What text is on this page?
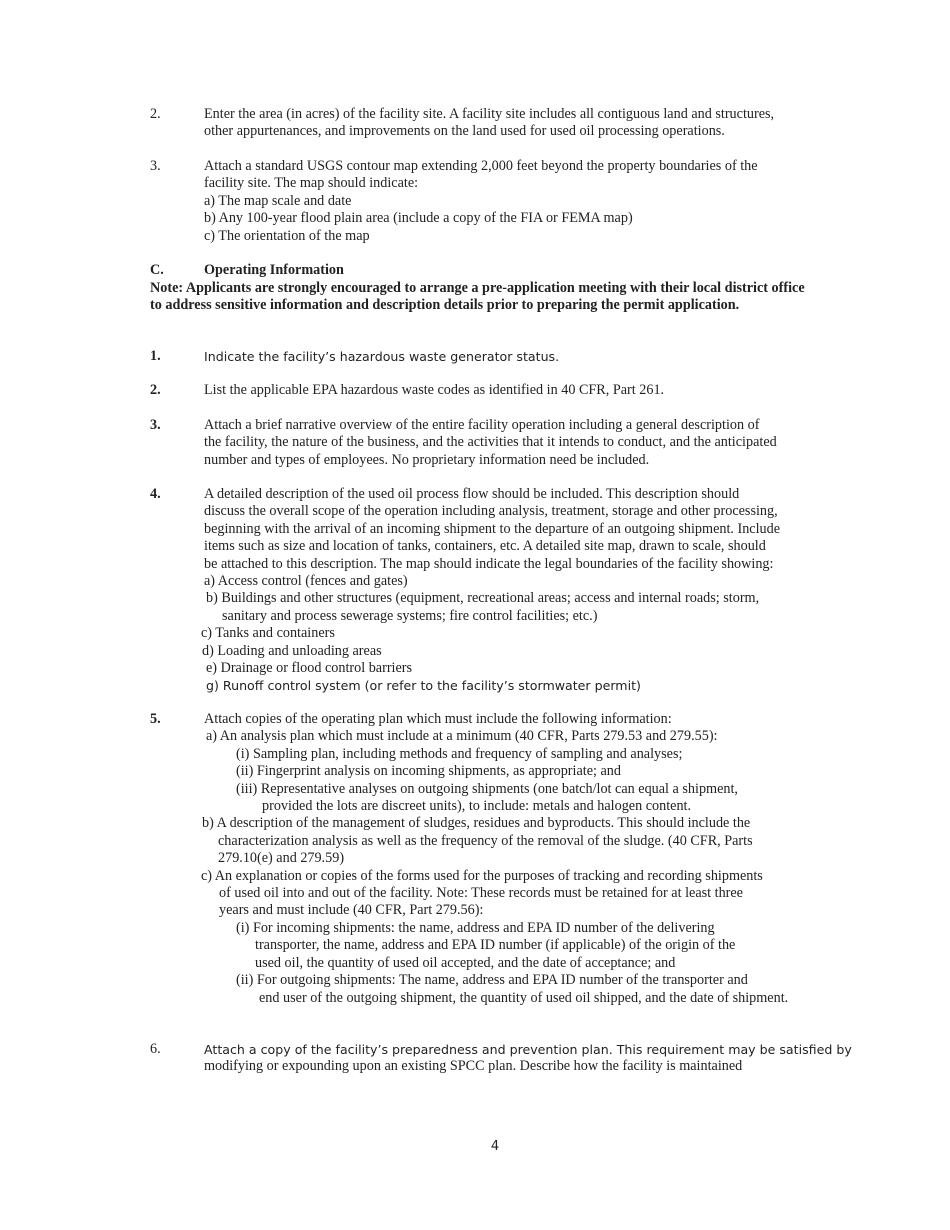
2.	Enter the area (in acres) of the facility site. A facility site includes all contiguous land and structures,
other appurtenances, and improvements on the land used for used oil processing operations.
3.	Attach a standard USGS contour map extending 2,000 feet beyond the property boundaries of the
facility site. The map should indicate:
a) The map scale and date
b) Any 100-year flood plain area (include a copy of the FIA or FEMA map)
c) The orientation of the map
C.	Operating Information
Note: Applicants are strongly encouraged to arrange a pre-application meeting with their local district office to address sensitive information and description details prior to preparing the permit application.
1.	Indicate the facility’s hazardous waste generator status.
2.	List the applicable EPA hazardous waste codes as identified in 40 CFR, Part 261.
3.	Attach a brief narrative overview of the entire facility operation including a general description of
the facility, the nature of the business, and the activities that it intends to conduct, and the anticipated
number and types of employees. No proprietary information need be included.
4.	A detailed description of the used oil process flow should be included. This description should
discuss the overall scope of the operation including analysis, treatment, storage and other processing,
beginning with the arrival of an incoming shipment to the departure of an outgoing shipment. Include
items such as size and location of tanks, containers, etc. A detailed site map, drawn to scale, should
be attached to this description. The map should indicate the legal boundaries of the facility showing:
a) Access control (fences and gates)
b) Buildings and other structures (equipment, recreational areas; access and internal roads; storm,
sanitary and process sewerage systems; fire control facilities; etc.)
c) Tanks and containers
d) Loading and unloading areas
e) Drainage or flood control barriers
g) Runoff control system (or refer to the facility’s stormwater permit)
5.	Attach copies of the operating plan which must include the following information:
a) An analysis plan which must include at a minimum (40 CFR, Parts 279.53 and 279.55):
(i) Sampling plan, including methods and frequency of sampling and analyses;
(ii) Fingerprint analysis on incoming shipments, as appropriate; and
(iii) Representative analyses on outgoing shipments (one batch/lot can equal a shipment,
provided the lots are discreet units), to include: metals and halogen content.
b) A description of the management of sludges, residues and byproducts. This should include the
characterization analysis as well as the frequency of the removal of the sludge. (40 CFR, Parts
279.10(e) and 279.59)
c) An explanation or copies of the forms used for the purposes of tracking and recording shipments
of used oil into and out of the facility. Note: These records must be retained for at least three
years and must include (40 CFR, Part 279.56):
(i) For incoming shipments: the name, address and EPA ID number of the delivering
transporter, the name, address and EPA ID number (if applicable) of the origin of the
used oil, the quantity of used oil accepted, and the date of acceptance; and
(ii) For outgoing shipments: The name, address and EPA ID number of the transporter and
end user of the outgoing shipment, the quantity of used oil shipped, and the date of shipment.
6.	Attach a copy of the facility’s preparedness and prevention plan. This requirement may be satisfied by
modifying or expounding upon an existing SPCC plan. Describe how the facility is maintained
4
